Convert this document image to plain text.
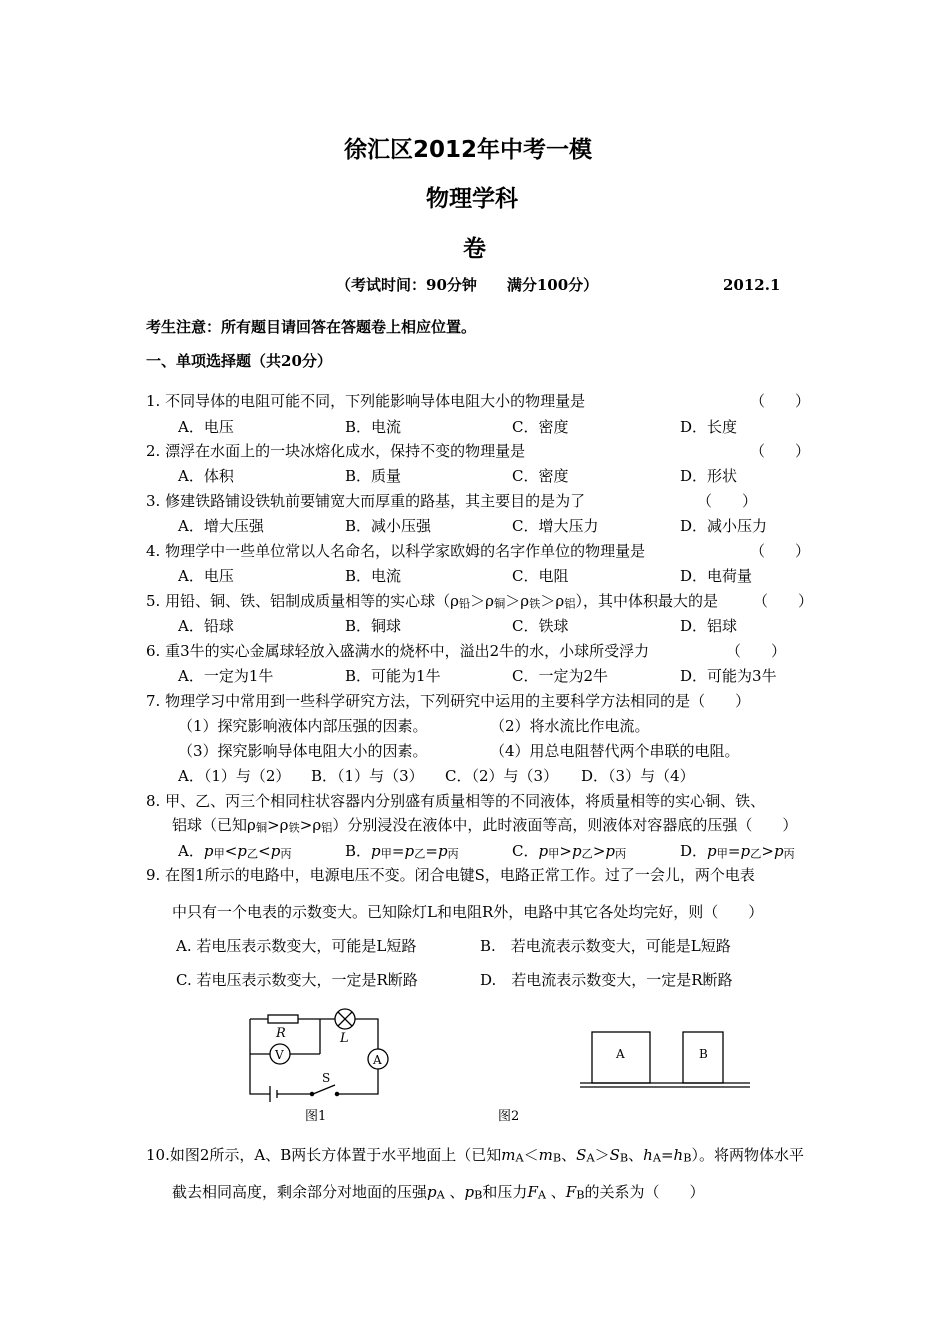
徐汇区2012年中考一模
物理学科
卷
（考试时间：90分钟　　满分100分）	2012.1
考生注意：所有题目请回答在答题卷上相应位置。
一、单项选择题（共20分）
1. 不同导体的电阻可能不同，下列能影响导体电阻大小的物理量是	（　　）
A．电压	B．电流	C．密度	D．长度
2. 漂浮在水面上的一块冰熔化成水，保持不变的物理量是	（　　）
A．体积	B．质量	C．密度	D．形状
3. 修建铁路铺设铁轨前要铺宽大而厚重的路基，其主要目的是为了	（　　）
A．增大压强	B．减小压强	C．增大压力	D．减小压力
4. 物理学中一些单位常以人名命名，以科学家欧姆的名字作单位的物理量是	（　　）
A．电压	B．电流	C．电阻	D．电荷量
5. 用铅、铜、铁、铝制成质量相等的实心球（ρ铅＞ρ铜＞ρ铁＞ρ铝），其中体积最大的是 （　　）
A．铅球	B．铜球	C．铁球	D．铝球
6. 重3牛的实心金属球轻放入盛满水的烧杯中，溢出2牛的水，小球所受浮力	（　　）
A．一定为1牛	B．可能为1牛	C．一定为2牛	D．可能为3牛
7. 物理学习中常用到一些科学研究方法，下列研究中运用的主要科学方法相同的是（　　）
（1）探究影响液体内部压强的因素。	（2）将水流比作电流。
（3）探究影响导体电阻大小的因素。	（4）用总电阻替代两个串联的电阻。
A．（1）与（2） B．（1）与（3） C．（2）与（3） D．（3）与（4）
8. 甲、乙、丙三个相同柱状容器内分别盛有质量相等的不同液体，将质量相等的实心铜、铁、
铝球（已知ρ铜>ρ铁>ρ铝）分别浸没在液体中，此时液面等高，则液体对容器底的压强（　　）
A．p甲<p乙<p丙	B．p甲=p乙=p丙	C．p甲>p乙>p丙	D．p甲=p乙>p丙
9. 在图1所示的电路中，电源电压不变。闭合电键S，电路正常工作。过了一会儿，两个电表
中只有一个电表的示数变大。已知除灯L和电阻R外，电路中其它各处均完好，则（　　）
A. 若电压表示数变大，可能是L短路	B.　若电流表示数变大，可能是L短路
C. 若电压表示数变大，一定是R断路	D.　若电流表示数变大，一定是R断路
R	L
V	A
S
图1
A	B
图2
10.如图2所示，A、B两长方体置于水平地面上（已知mA＜mB、SA＞SB、hA=hB）。将两物体水平
截去相同高度，剩余部分对地面的压强pA 、pB和压力FA 、FB的关系为（　　）
